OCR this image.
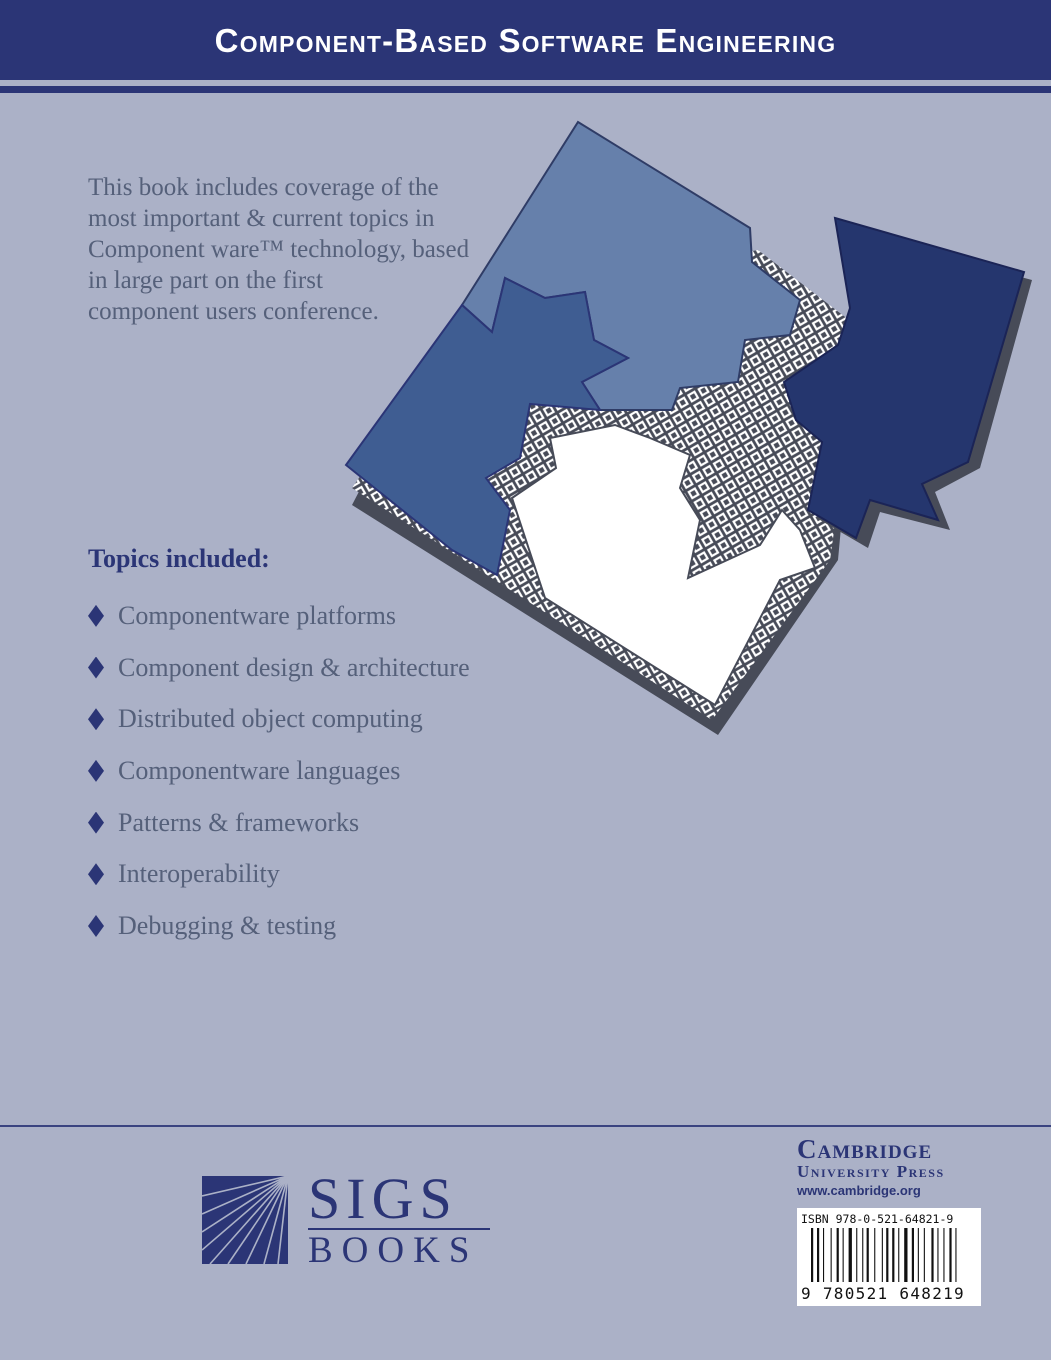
Component-Based Software Engineering
This book includes coverage of the
most important & current topics in
Component ware™ technology, based
in large part on the first
component users conference.
Topics included:
Componentware platforms
Component design & architecture
Distributed object computing
Componentware languages
Patterns & frameworks
Interoperability
Debugging & testing
SIGS
BOOKS
Cambridge
University Press
www.cambridge.org
ISBN 978-0-521-64821-9
9 780521 648219
